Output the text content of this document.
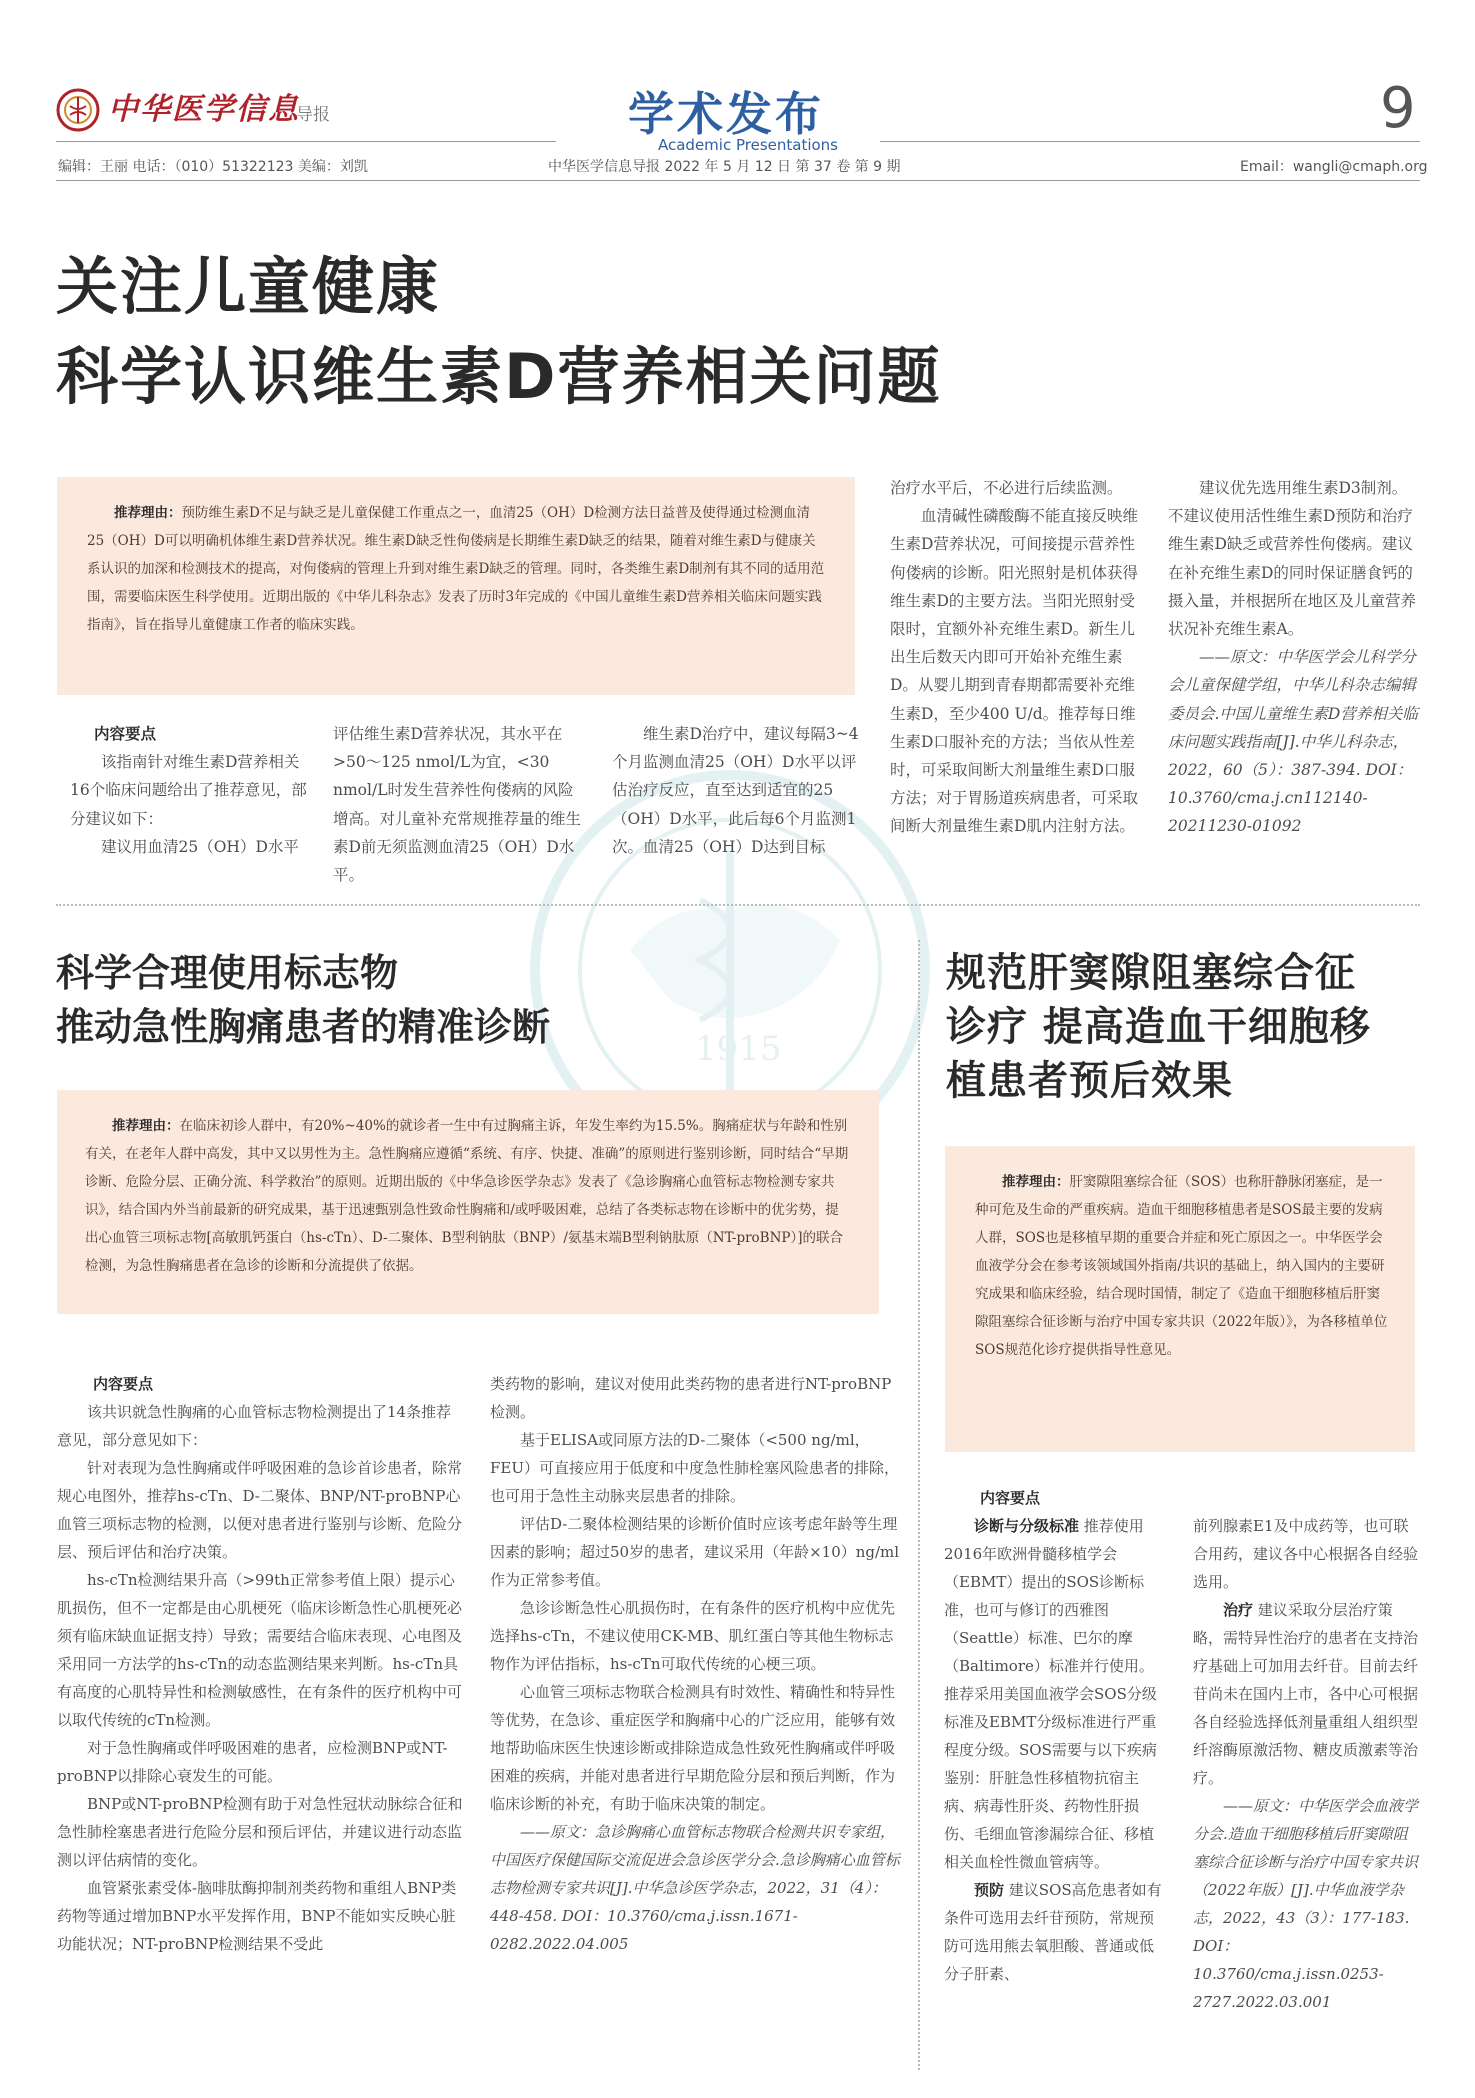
中华医学信息
导报	学术发布
Academic Presentations
9
编辑：王丽 电话：（010）51322123 美编：刘凯	中华医学信息导报 2022 年 5 月 12 日 第 37 卷 第 9 期	Email：wangli@cmaph.org
1915
关注儿童健康
科学认识维生素D营养相关问题
推荐理由：预防维生素D不足与缺乏是儿童保健工作重点之一，血清25（OH）D检测方法日益普及使得通过检测血清25（OH）D可以明确机体维生素D营养状况。维生素D缺乏性佝偻病是长期维生素D缺乏的结果，随着对维生素D与健康关系认识的加深和检测技术的提高，对佝偻病的管理上升到对维生素D缺乏的管理。同时，各类维生素D制剂有其不同的适用范围，需要临床医生科学使用。近期出版的《中华儿科杂志》发表了历时3年完成的《中国儿童维生素D营养相关临床问题实践指南》，旨在指导儿童健康工作者的临床实践。
内容要点

该指南针对维生素D营养相关16个临床问题给出了推荐意见，部分建议如下：

建议用血清25（OH）D水平

评估维生素D营养状况，其水平在>50～125 nmol/L为宜，<30 nmol/L时发生营养性佝偻病的风险增高。对儿童补充常规推荐量的维生素D前无须监测血清25（OH）D水平。

维生素D治疗中，建议每隔3~4个月监测血清25（OH）D水平以评估治疗反应，直至达到适宜的25（OH）D水平，此后每6个月监测1次。血清25（OH）D达到目标

治疗水平后，不必进行后续监测。

血清碱性磷酸酶不能直接反映维生素D营养状况，可间接提示营养性佝偻病的诊断。阳光照射是机体获得维生素D的主要方法。当阳光照射受限时，宜额外补充维生素D。新生儿出生后数天内即可开始补充维生素D。从婴儿期到青春期都需要补充维生素D，至少400 U/d。推荐每日维生素D口服补充的方法；当依从性差时，可采取间断大剂量维生素D口服方法；对于胃肠道疾病患者，可采取间断大剂量维生素D肌内注射方法。

建议优先选用维生素D3制剂。不建议使用活性维生素D预防和治疗维生素D缺乏或营养性佝偻病。建议在补充维生素D的同时保证膳食钙的摄入量，并根据所在地区及儿童营养状况补充维生素A。

——原文：中华医学会儿科学分会儿童保健学组，中华儿科杂志编辑委员会.中国儿童维生素D营养相关临床问题实践指南[J].中华儿科杂志，2022，60（5）：387-394. DOI：10.3760/cma.j.cn112140-20211230-01092

科学合理使用标志物
推动急性胸痛患者的精准诊断
推荐理由：在临床初诊人群中，有20%~40%的就诊者一生中有过胸痛主诉，年发生率约为15.5%。胸痛症状与年龄和性别有关，在老年人群中高发，其中又以男性为主。急性胸痛应遵循“系统、有序、快捷、准确”的原则进行鉴别诊断，同时结合“早期诊断、危险分层、正确分流、科学救治”的原则。近期出版的《中华急诊医学杂志》发表了《急诊胸痛心血管标志物检测专家共识》，结合国内外当前最新的研究成果，基于迅速甄别急性致命性胸痛和/或呼吸困难，总结了各类标志物在诊断中的优劣势，提出心血管三项标志物[高敏肌钙蛋白（hs-cTn）、D-二聚体、B型利钠肽（BNP）/氨基末端B型利钠肽原（NT-proBNP）]的联合检测，为急性胸痛患者在急诊的诊断和分流提供了依据。
内容要点

该共识就急性胸痛的心血管标志物检测提出了14条推荐意见，部分意见如下：

针对表现为急性胸痛或伴呼吸困难的急诊首诊患者，除常规心电图外，推荐hs-cTn、D-二聚体、BNP/NT-proBNP心血管三项标志物的检测，以便对患者进行鉴别与诊断、危险分层、预后评估和治疗决策。

hs-cTn检测结果升高（>99th正常参考值上限）提示心肌损伤，但不一定都是由心肌梗死（临床诊断急性心肌梗死必须有临床缺血证据支持）导致；需要结合临床表现、心电图及采用同一方法学的hs-cTn的动态监测结果来判断。hs-cTn具有高度的心肌特异性和检测敏感性，在有条件的医疗机构中可以取代传统的cTn检测。

对于急性胸痛或伴呼吸困难的患者，应检测BNP或NT-proBNP以排除心衰发生的可能。

BNP或NT-proBNP检测有助于对急性冠状动脉综合征和急性肺栓塞患者进行危险分层和预后评估，并建议进行动态监测以评估病情的变化。

血管紧张素受体-脑啡肽酶抑制剂类药物和重组人BNP类药物等通过增加BNP水平发挥作用，BNP不能如实反映心脏功能状况；NT-proBNP检测结果不受此

类药物的影响，建议对使用此类药物的患者进行NT-proBNP检测。

基于ELISA或同原方法的D-二聚体（<500 ng/ml，FEU）可直接应用于低度和中度急性肺栓塞风险患者的排除，也可用于急性主动脉夹层患者的排除。

评估D-二聚体检测结果的诊断价值时应该考虑年龄等生理因素的影响；超过50岁的患者，建议采用（年龄×10）ng/ml作为正常参考值。

急诊诊断急性心肌损伤时，在有条件的医疗机构中应优先选择hs-cTn，不建议使用CK-MB、肌红蛋白等其他生物标志物作为评估指标，hs-cTn可取代传统的心梗三项。

心血管三项标志物联合检测具有时效性、精确性和特异性等优势，在急诊、重症医学和胸痛中心的广泛应用，能够有效地帮助临床医生快速诊断或排除造成急性致死性胸痛或伴呼吸困难的疾病，并能对患者进行早期危险分层和预后判断，作为临床诊断的补充，有助于临床决策的制定。

——原文：急诊胸痛心血管标志物联合检测共识专家组，中国医疗保健国际交流促进会急诊医学分会.急诊胸痛心血管标志物检测专家共识[J].中华急诊医学杂志，2022，31（4）：448-458. DOI：10.3760/cma.j.issn.1671-0282.2022.04.005

规范肝窦隙阻塞综合征
诊疗 提高造血干细胞移
植患者预后效果
推荐理由：肝窦隙阻塞综合征（SOS）也称肝静脉闭塞症，是一种可危及生命的严重疾病。造血干细胞移植患者是SOS最主要的发病人群，SOS也是移植早期的重要合并症和死亡原因之一。中华医学会血液学分会在参考该领域国外指南/共识的基础上，纳入国内的主要研究成果和临床经验，结合现时国情，制定了《造血干细胞移植后肝窦隙阻塞综合征诊断与治疗中国专家共识（2022年版）》，为各移植单位SOS规范化诊疗提供指导性意见。
内容要点

诊断与分级标准 推荐使用2016年欧洲骨髓移植学会（EBMT）提出的SOS诊断标准，也可与修订的西雅图（Seattle）标准、巴尔的摩（Baltimore）标准并行使用。推荐采用美国血液学会SOS分级标准及EBMT分级标准进行严重程度分级。SOS需要与以下疾病鉴别：肝脏急性移植物抗宿主病、病毒性肝炎、药物性肝损伤、毛细血管渗漏综合征、移植相关血栓性微血管病等。

预防 建议SOS高危患者如有条件可选用去纤苷预防，常规预防可选用熊去氧胆酸、普通或低分子肝素、

前列腺素E1及中成药等，也可联合用药，建议各中心根据各自经验选用。

治疗 建议采取分层治疗策略，需特异性治疗的患者在支持治疗基础上可加用去纤苷。目前去纤苷尚未在国内上市，各中心可根据各自经验选择低剂量重组人组织型纤溶酶原激活物、糖皮质激素等治疗。

——原文：中华医学会血液学分会.造血干细胞移植后肝窦隙阻塞综合征诊断与治疗中国专家共识（2022年版）[J].中华血液学杂志，2022，43（3）：177-183. DOI：10.3760/cma.j.issn.0253-2727.2022.03.001
